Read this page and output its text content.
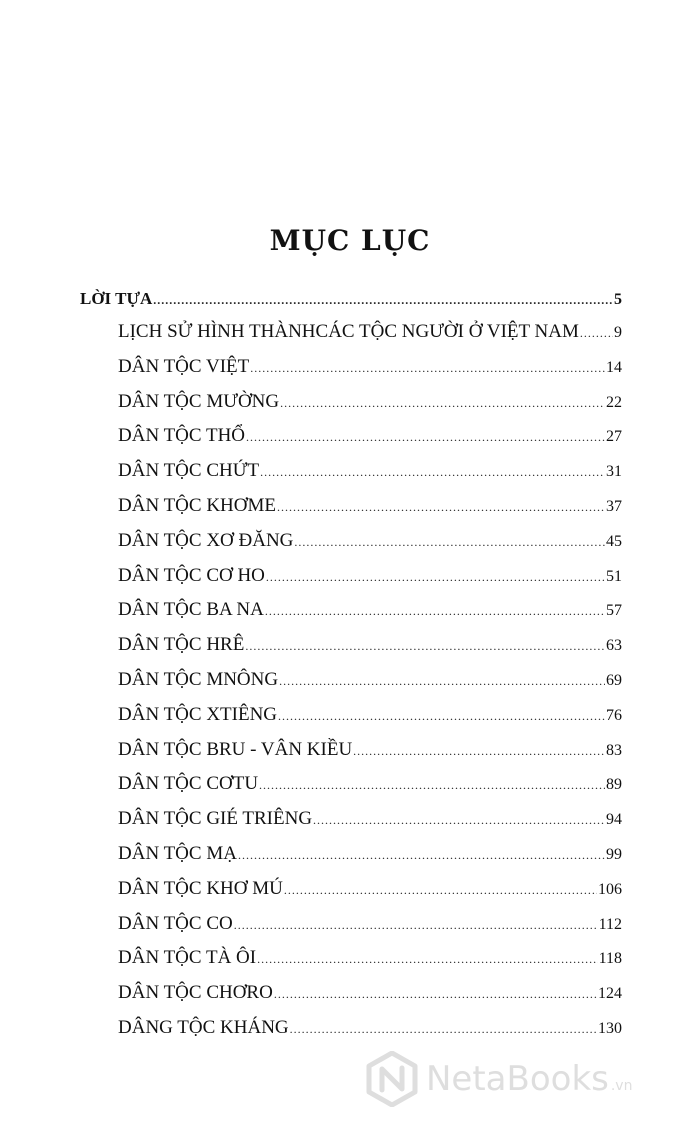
MỤC LỤC
LỜI TỰA .....	5
LỊCH SỬ HÌNH THÀNHCÁC TỘC NGƯỜI Ở VIỆT NAM ..... 9
DÂN TỘC VIỆT .....	14
DÂN TỘC MƯỜNG .....	22
DÂN TỘC THỔ .....	27
DÂN TỘC CHỨT .....	31
DÂN TỘC KHƠME .....	37
DÂN TỘC XƠ ĐĂNG .....	45
DÂN TỘC CƠ HO .....	51
DÂN TỘC BA NA .....	57
DÂN TỘC HRÊ .....	63
DÂN TỘC MNÔNG .....	69
DÂN TỘC XTIÊNG .....	76
DÂN TỘC BRU - VÂN KIỀU .....	83
DÂN TỘC CƠTU .....	89
DÂN TỘC GIÉ TRIÊNG .....	94
DÂN TỘC MẠ .....	99
DÂN TỘC KHƠ MÚ .....	106
DÂN TỘC CO .....	112
DÂN TỘC TÀ ÔI .....	118
DÂN TỘC CHƠRO .....	124
DÂNG TỘC KHÁNG .....	130
NetaBooks .vn
